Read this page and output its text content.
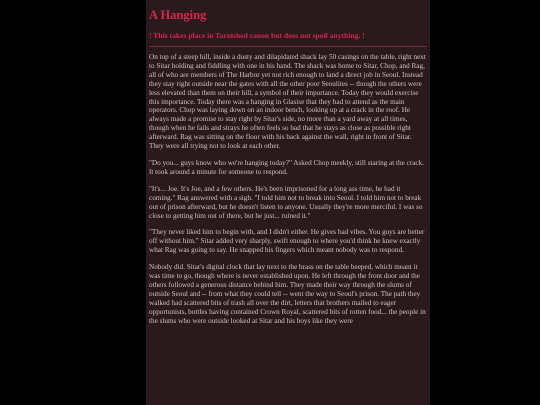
A Hanging
! This takes place in Tarnished canon but does not spoil anything. !

On top of a steep hill, inside a dusty and dilapidated shack lay 50 casings on the table, right next to Sitar holding and fiddling with one in his hand. The shack was home to Sitar, Chop, and Rag, all of who are members of The Harbor yet not rich enough to land a direct job in Seoul. Instead they stay right outside near the gates with all the other poor Seoulites -- though the others were less elevated than them on their hill, a symbol of their importance. Today they would exercise this importance. Today there was a hanging in Glasise that they had to attend as the main operators. Chop was laying down on an indoor bench, looking up at a crack in the roof. He always made a promise to stay right by Sitar's side, no more than a yard away at all times, though when he fails and strays he often feels so bad that he stays as close as possible right afterward. Rag was sitting on the floor with his back against the wall, right in front of Sitar. They were all trying not to look at each other.

"Do you... guys know who we're hanging today?" Asked Chop meekly, still staring at the crack. It took around a minute for someone to respond.

"It's... Joe. It's Joe, and a few others. He's been imprisoned for a long ass time, he had it coming." Rag answered with a sigh. "I told him not to break into Seoul. I told him not to break out of prison afterward, but he doesn't listen to anyone. Usually they're more merciful. I was so close to getting him out of there, but he just... ruined it."

"They never liked him to begin with, and I didn't either. He gives bad vibes. You guys are better off without him." Sitar added very sharply, swift enough to where you'd think he knew exactly what Rag was going to say. He snapped his fingers which meant nobody was to respond.

Nobody did. Sitar's digital clock that lay next to the brass on the table beeped, which meant it was time to go, though where is never established upon. He left through the front door and the others followed a generous distance behind him. They made their way through the slums of outside Seoul and -- from what they could tell -- went the way to Seoul's prison. The path they walked had scattered bits of trash all over the dirt, letters that brothers mailed to eager opportunists, bottles having contained Crown Royal, scattered bits of rotten food... the people in the slums who were outside looked at Sitar and his boys like they were
